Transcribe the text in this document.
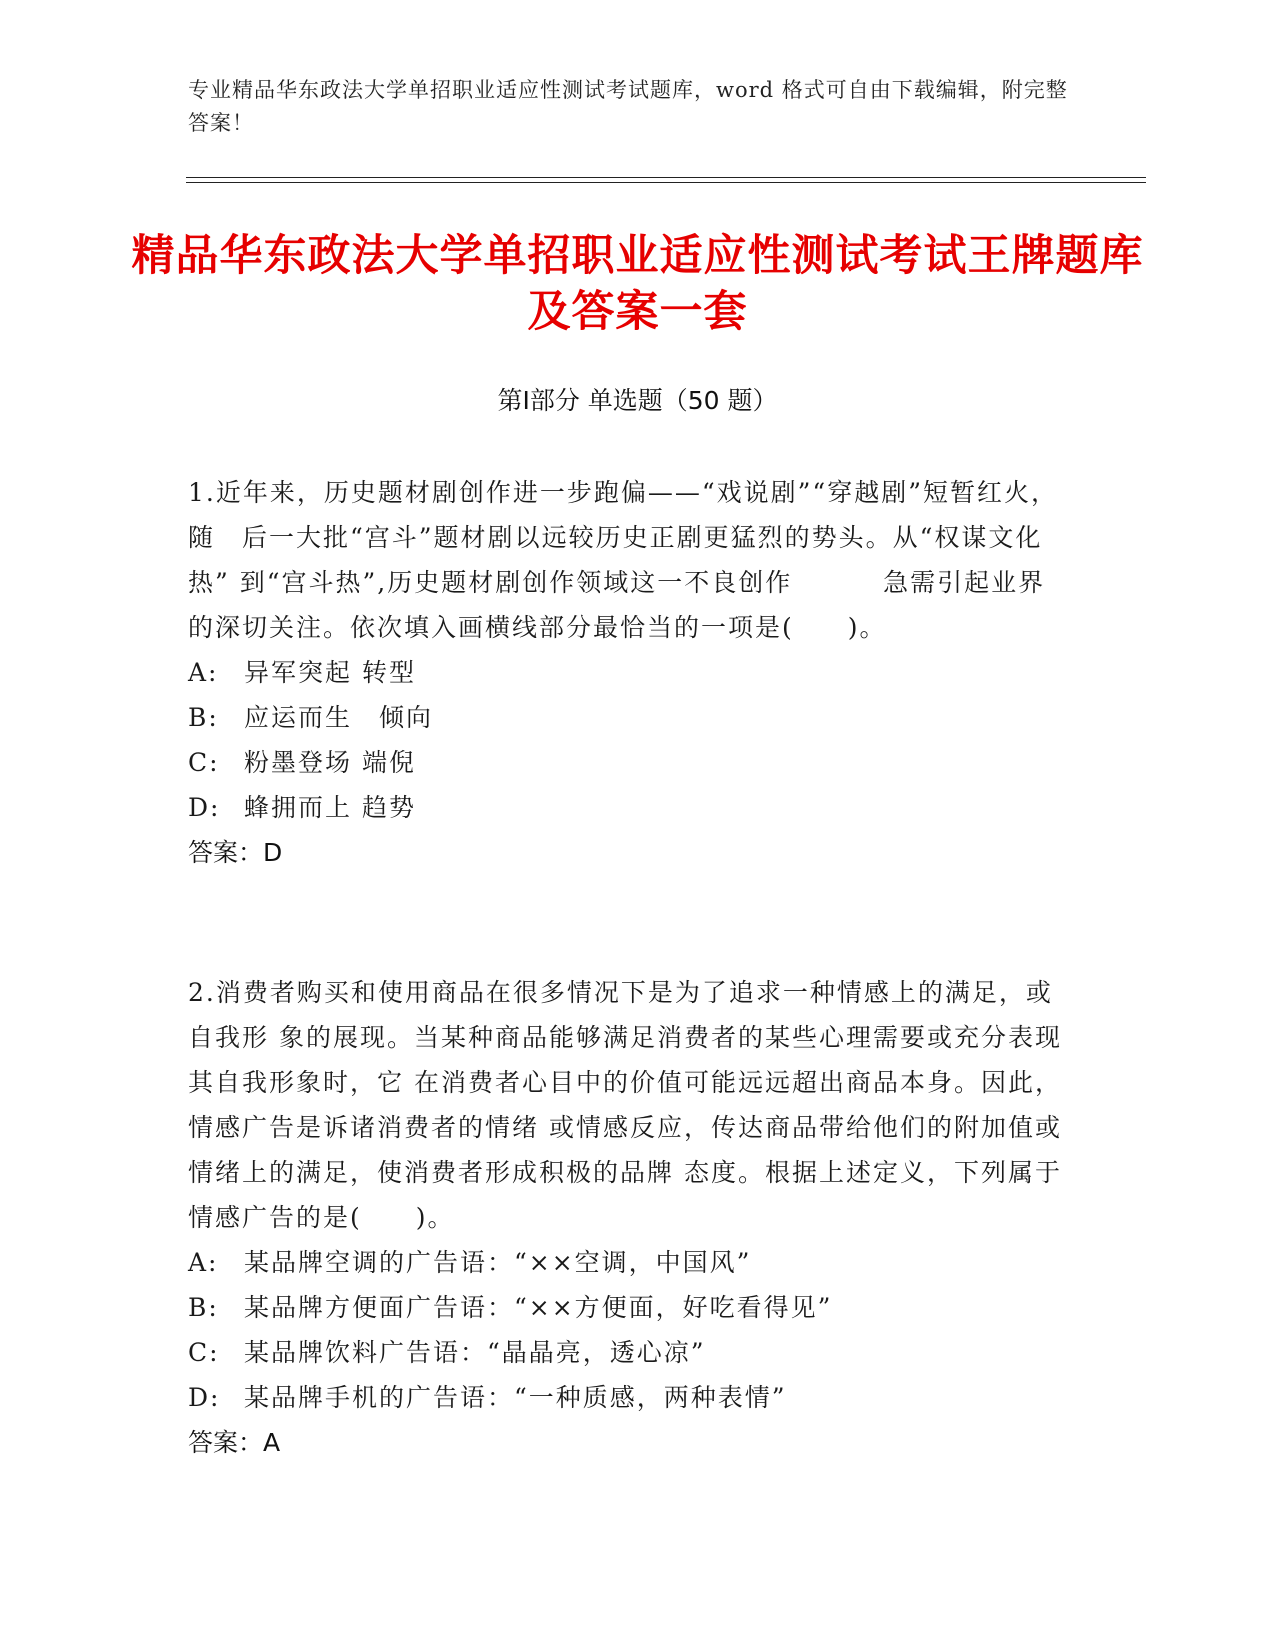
专业精品华东政法大学单招职业适应性测试考试题库，word 格式可自由下载编辑，附完整答案！
精品华东政法大学单招职业适应性测试考试王牌题库及答案一套
第Ⅰ部分 单选题（50 题）

1.近年来，历史题材剧创作进一步跑偏——“戏说剧”“穿越剧”短暂红火，随　后一大批“宫斗”题材剧以远较历史正剧更猛烈的势头。从“权谋文化热” 到“宫斗热”,历史题材剧创作领域这一不良创作　　　 急需引起业界的深切关注。依次填入画横线部分最恰当的一项是(　　)。

A: 异军突起 转型

B: 应运而生　倾向

C: 粉墨登场 端倪

D: 蜂拥而上 趋势

答案：D

2.消费者购买和使用商品在很多情况下是为了追求一种情感上的满足，或自我形 象的展现。当某种商品能够满足消费者的某些心理需要或充分表现其自我形象时，它 在消费者心目中的价值可能远远超出商品本身。因此，情感广告是诉诸消费者的情绪 或情感反应，传达商品带给他们的附加值或情绪上的满足，使消费者形成积极的品牌 态度。根据上述定义，下列属于情感广告的是(　　)。

A: 某品牌空调的广告语：“××空调，中国风”

B: 某品牌方便面广告语：“××方便面，好吃看得见”

C: 某品牌饮料广告语：“晶晶亮，透心凉”

D: 某品牌手机的广告语：“一种质感，两种表情”

答案：A
